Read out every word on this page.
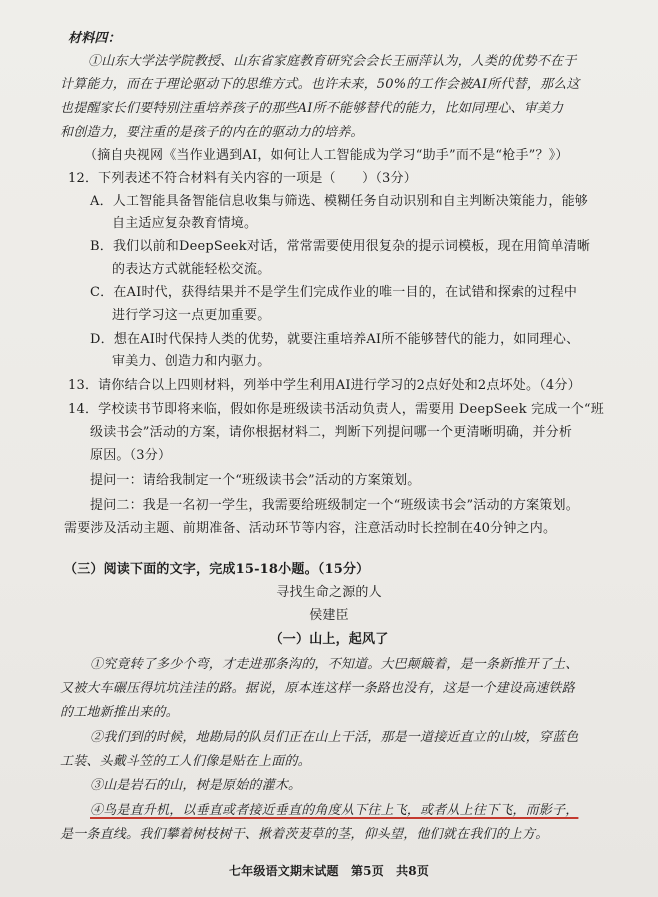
材料四：
①山东大学法学院教授、山东省家庭教育研究会会长王丽萍认为，人类的优势不在于
计算能力，而在于理论驱动下的思维方式。也许未来，50%的工作会被AI所代替，那么这
也提醒家长们要特别注重培养孩子的那些AI所不能够替代的能力，比如同理心、审美力
和创造力，要注重的是孩子的内在的驱动力的培养。
（摘自央视网《当作业遇到AI，如何让人工智能成为学习“助手”而不是“枪手”？》）
12．下列表述不符合材料有关内容的一项是（　　）（3分）
A．人工智能具备智能信息收集与筛选、模糊任务自动识别和自主判断决策能力，能够
自主适应复杂教育情境。
B．我们以前和DeepSeek对话，常常需要使用很复杂的提示词模板，现在用简单清晰
的表达方式就能轻松交流。
C．在AI时代，获得结果并不是学生们完成作业的唯一目的，在试错和探索的过程中
进行学习这一点更加重要。
D．想在AI时代保持人类的优势，就要注重培养AI所不能够替代的能力，如同理心、
审美力、创造力和内驱力。
13．请你结合以上四则材料，列举中学生利用AI进行学习的2点好处和2点坏处。（4分）
14．学校读书节即将来临，假如你是班级读书活动负责人，需要用 DeepSeek 完成一个“班
级读书会”活动的方案，请你根据材料二，判断下列提问哪一个更清晰明确，并分析
原因。（3分）
提问一：请给我制定一个“班级读书会”活动的方案策划。
提问二：我是一名初一学生，我需要给班级制定一个“班级读书会”活动的方案策划。
需要涉及活动主题、前期准备、活动环节等内容，注意活动时长控制在40分钟之内。
（三）阅读下面的文字，完成15-18小题。（15分）
寻找生命之源的人
侯建臣
（一）山上，起风了
①究竟转了多少个弯，才走进那条沟的，不知道。大巴颠簸着，是一条新推开了土、
又被大车碾压得坑坑洼洼的路。据说，原本连这样一条路也没有，这是一个建设高速铁路
的工地新推出来的。
②我们到的时候，地勘局的队员们正在山上干活，那是一道接近直立的山坡，穿蓝色
工装、头戴斗笠的工人们像是贴在上面的。
③山是岩石的山，树是原始的灌木。
④鸟是直升机，以垂直或者接近垂直的角度从下往上飞，或者从上往下飞，而影子，
是一条直线。我们攀着树枝树干、揪着茨茇草的茎，仰头望，他们就在我们的上方。
七年级语文期末试题　第5页　共8页
